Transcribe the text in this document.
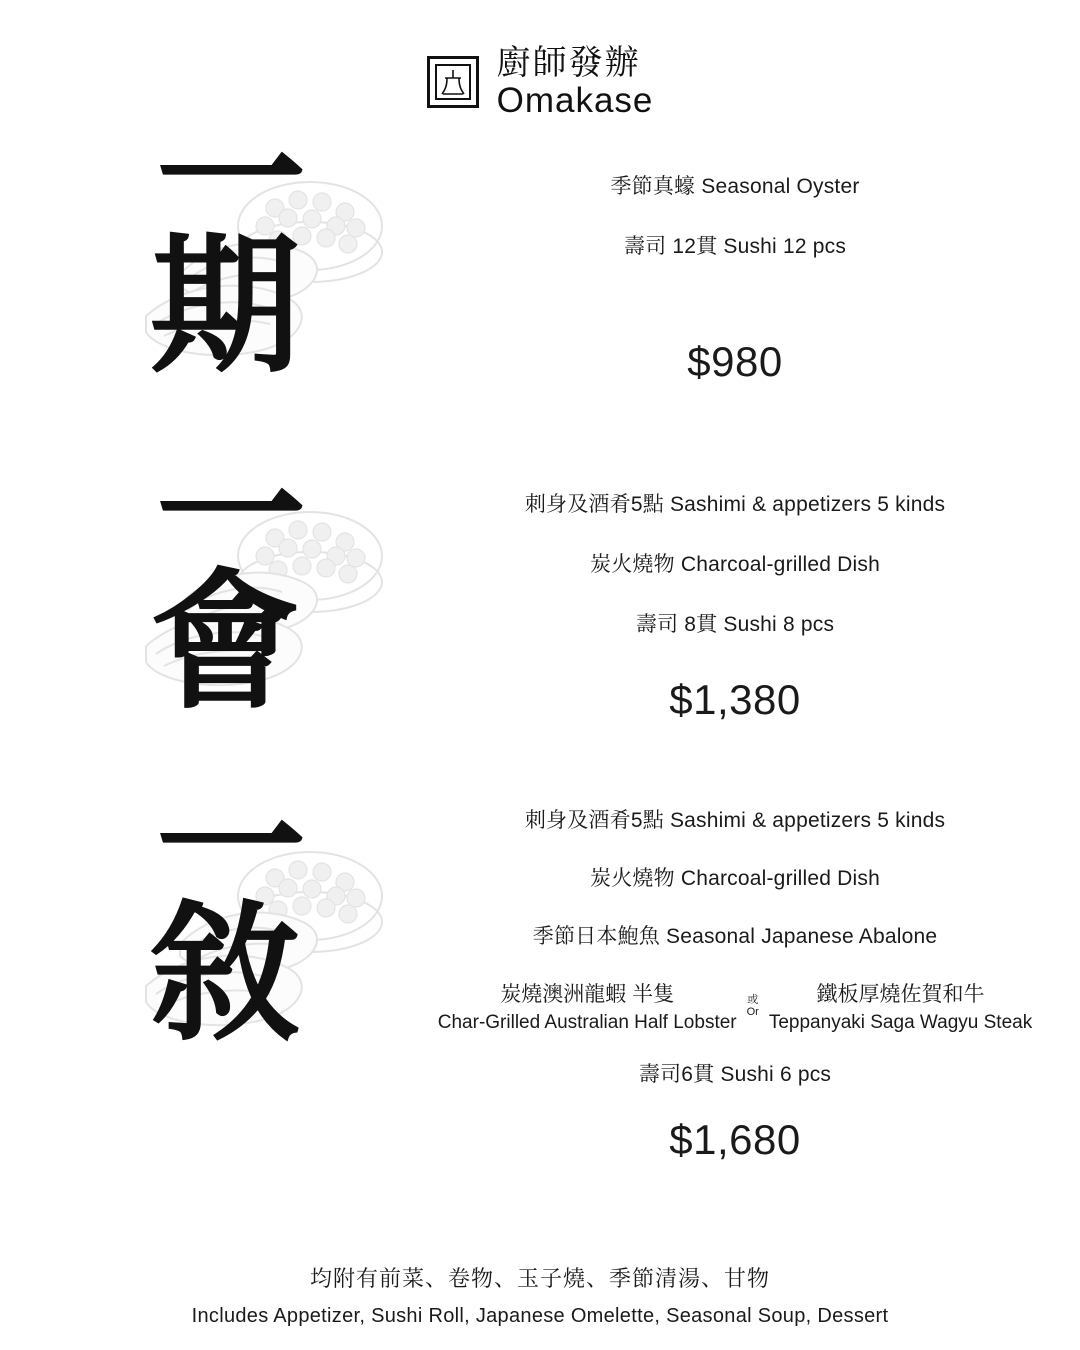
廚師發辦
Omakase
一
期

季節真蠔 Seasonal Oyster

壽司 12貫 Sushi 12 pcs

$980
一
會

刺身及酒肴5點 Sashimi & appetizers 5 kinds

炭火燒物 Charcoal-grilled Dish

壽司 8貫 Sushi 8 pcs

$1,380
一
敘

刺身及酒肴5點 Sashimi & appetizers 5 kinds

炭火燒物 Charcoal-grilled Dish

季節日本鮑魚 Seasonal Japanese Abalone

炭燒澳洲龍蝦 半隻
Char-Grilled Australian Half Lobster
或
Or
鐵板厚燒佐賀和牛
Teppanyaki Saga Wagyu Steak

壽司6貫 Sushi 6 pcs

$1,680
均附有前菜、卷物、玉子燒、季節清湯、甘物
Includes Appetizer, Sushi Roll, Japanese Omelette, Seasonal Soup, Dessert
